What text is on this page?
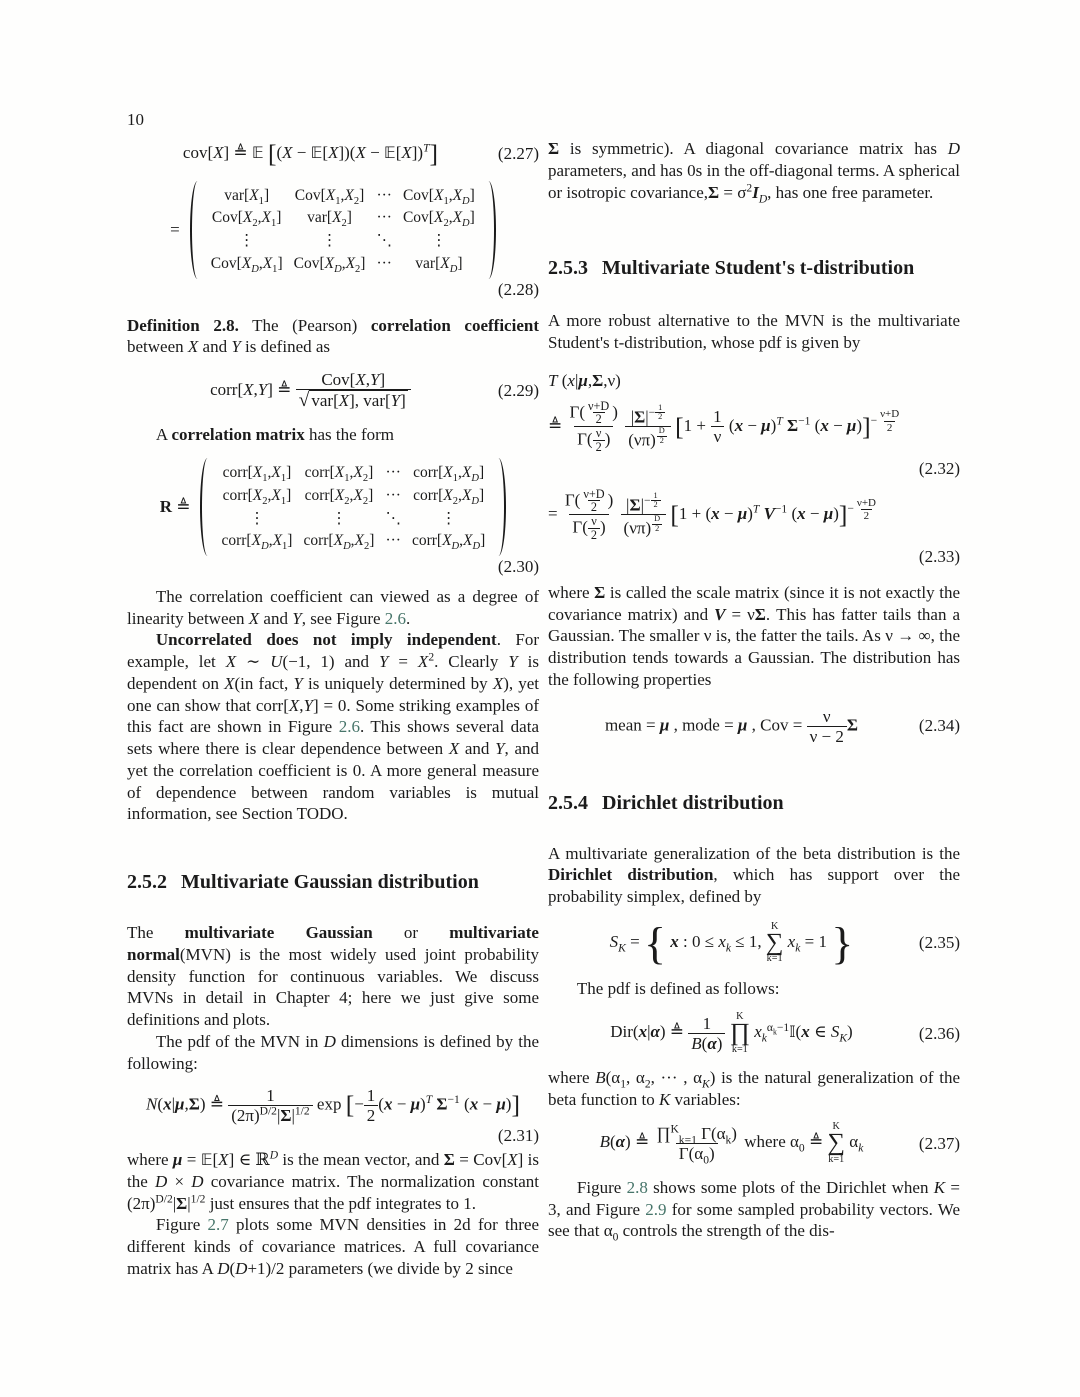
10
cov[X] ≜ 𝔼 [(X − 𝔼[X])(X − 𝔼[X])$^T$]	(2.27)
=
$var[X_1]$ $Cov[X_1,X_2]$ ··· $Cov[X_1,X_D]$
$Cov[X_2,X_1]$ $var[X_2]$ ··· $Cov[X_2,X_D]$
⋮	⋮	⋱	⋮
$Cov[X_D,X_1]$ $Cov[X_D,X_2]$ ··· $var[X_D]$

(2.28)

Definition 2.8. The (Pearson) correlation coefficient between X and Y is defined as

corr[X,Y] ≜
Cov[X,Y]
√ var[X], var[Y]
(2.29)

A correlation matrix has the form

R ≜
$corr[X_1,X_1]$ $corr[X_1,X_2]$ ··· $corr[X_1,X_D]$
$corr[X_2,X_1]$ $corr[X_2,X_2]$ ··· $corr[X_2,X_D]$
⋮	⋮	⋱	⋮
$corr[X_D,X_1]$ $corr[X_D,X_2]$ ··· $corr[X_D,X_D]$

(2.30)

The correlation coefficient can viewed as a degree of linearity between X and Y, see Figure 2.6.

Uncorrelated does not imply independent. For example, let X ∼ U(−1, 1) and $Y = X^2$. Clearly Y is dependent on X(in fact, Y is uniquely determined by X), yet one can show that corr[X,Y] = 0. Some striking examples of this fact are shown in Figure 2.6. This shows several data sets where there is clear dependence between X and Y, and yet the correlation coefficient is 0. A more general measure of dependence between random variables is mutual information, see Section TODO.

2.5.2 Multivariate Gaussian distribution

The multivariate Gaussian or multivariate normal(MVN) is the most widely used joint probability density function for continuous variables. We discuss MVNs in detail in Chapter 4; here we just give some definitions and plots.

The pdf of the MVN in D dimensions is defined by the following:

N(x|μ,Σ) ≜ $\frac{1}{(2\pi)^{D/2}|\Sigma|^{1/2}}$ exp [− $\frac{1}{2} (x - \mu)^T$ $\Sigma^{-1}$ (x − μ)]

(2.31)

where μ = 𝔼[X] ∈ ℝ$^D$ is the mean vector, and Σ = Cov[X] is the D × D covariance matrix. The normalization constant $(2\pi)^{D/2}|\Sigma|^{1/2}$ just ensures that the pdf integrates to 1.

Figure 2.7 plots some MVN densities in 2d for three different kinds of covariance matrices. A full covariance matrix has A D(D+1)/2 parameters (we divide by 2 since

Σ is symmetric). A diagonal covariance matrix has D parameters, and has 0s in the off-diagonal terms. A spherical or isotropic covariance,Σ = $\sigma^2I_D$, has one free parameter.

2.5.3 Multivariate Student's t-distribution

A more robust alternative to the MVN is the multivariate Student's t-distribution, whose pdf is given by

T (x|μ,Σ,ν)

≜ $\frac{\Gamma( \frac{\nu+D}{2} )}{\Gamma( \frac{\nu}{2} )}$
$|\Sigma|^{- \frac{1}{2}}$
(νπ) $^{\frac{D}{2}}$ [$1 + \frac{1}{\nu} (x - \mu)^T$ $\Sigma^{-1}$ (x − μ)]$^{- \frac{\nu+D}{2}}$

(2.32)

= $\frac{\Gamma( \frac{\nu+D}{2} )}{\Gamma( \frac{\nu}{2} )}$
$|\Sigma|^{- \frac{1}{2}}$
(νπ) $^{\frac{D}{2}}$ [$1 + (x - \mu)^T$ $V^{-1}$ (x − μ)]$^{- \frac{\nu+D}{2}}$

(2.33)

where Σ is called the scale matrix (since it is not exactly the covariance matrix) and V = νΣ. This has fatter tails than a Gaussian. The smaller ν is, the fatter the tails. As ν → ∞, the distribution tends towards a Gaussian. The distribution has the following properties

mean = μ , mode = μ , Cov = $\frac{\nu}{\nu - 2}$ Σ	(2.34)
2.5.4 Dirichlet distribution

A multivariate generalization of the beta distribution is the Dirichlet distribution, which has support over the probability simplex, defined by

$S_K$ = { x : $0 \le x_k \le 1$,
K
∑
k=1
$x_k = 1$ }	(2.35)

The pdf is defined as follows:

Dir(x|α) ≜ $\frac{1}{B(\alpha)}$
K
∏
k=1
$x_k^{\alpha_k-1}𝕀(x$ ∈ $S_K$)	(2.36)

where $B(\alpha_1$, $\alpha_2$, ··· , $\alpha_K$) is the natural generalization of the beta function to K variables:

B(α) ≜ $\frac{\prod^K_{k=1} \Gamma(\alpha_k)}{\Gamma(\alpha_0)}$ where $\alpha_0$ ≜
K
∑
k=1
$\alpha_k$	(2.37)

Figure 2.8 shows some plots of the Dirichlet when K = 3, and Figure 2.9 for some sampled probability vectors. We see that $\alpha_0$ controls the strength of the dis-
